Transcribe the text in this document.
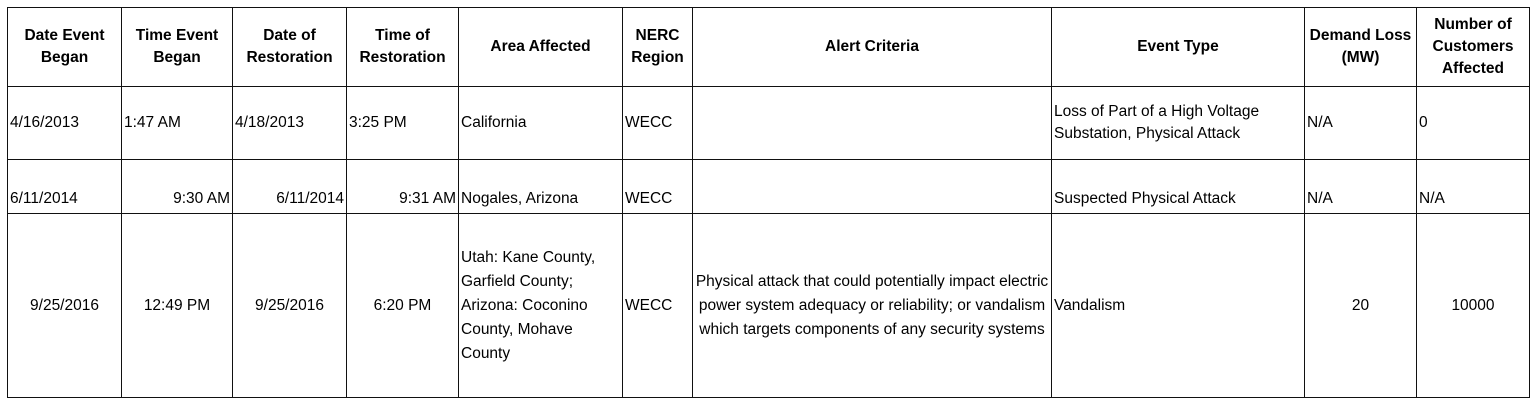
Date Event Began	Time Event Began	Date of Restoration	Time of Restoration	Area Affected	NERC Region	Alert Criteria	Event Type	Demand Loss (MW)	Number of Customers Affected
4/16/2013	1:47 AM	4/18/2013	3:25 PM	California	WECC		Loss of Part of a High Voltage Substation, Physical Attack	N/A	0
6/11/2014	9:30 AM	6/11/2014	9:31 AM	Nogales, Arizona	WECC		Suspected Physical Attack	N/A	N/A
9/25/2016	12:49 PM	9/25/2016	6:20 PM	Utah: Kane County, Garfield County; Arizona: Coconino County, Mohave County	WECC	Physical attack that could potentially impact electric power system adequacy or reliability; or vandalism which targets components of any security systems	Vandalism	20	10000
